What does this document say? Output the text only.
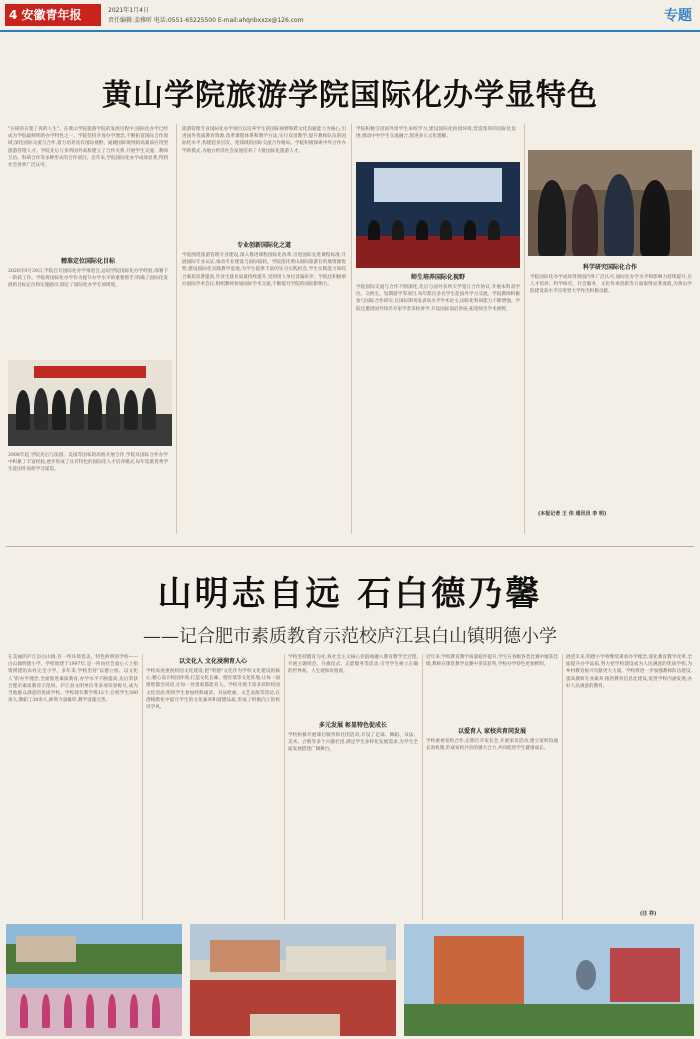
4 安徽青年报	2021年1月4日
责任编辑:姜雅昕 电话:0551-65225500 E-mail:ahqnbxxzx@126.com	专题
黄山学院旅游学院国际化办学显特色
"在研的在建了真的人生"。在黄山学院旅游学院的发展历程中,国际化办学已经成为学院最鲜明的办学特色之一。学院坚持开放办学理念,不断拓宽国际合作领域,深化国际交流与合作,着力培养具有国际视野、通晓国际规则的高素质应用型旅游管理人才。学院先后与多所国外高校建立了合作关系,开展学生交流、教师互访、科研合作等多种形式的合作项目。近年来,学院国际化办学成效显著,得到社会各界广泛认可。
精准定位国际化目标
2020年9月30日,学院召开国际化办学推进会,总结学院国际化办学经验,部署下一阶段工作。学院将国际化办学作为提升办学水平的重要抓手,明确了国际化发展的目标定位和实施路径,制定了国际化办学专项规划。
2008年起,学院先后与法国、美国等国家的高校开展合作,学院从国际合作办学中积累了丰富经验,逐步形成了具有特色的国际化人才培养模式,每年选派优秀学生赴国外高校学习深造。
旅游管理专业国际化办学项目以培养学生的国际视野和跨文化沟通能力为核心,引进国外优质教育资源,改革课程体系和教学方法,实行双语教学,提升教师队伍的国际化水平,构建起多层次、宽领域的国际交流合作格局。学院积极探索中外合作办学新模式,为地方经济社会发展培养了大批国际化旅游人才。
专业创新国际化之道
学院围绕旅游管理专业建设,深入推进课程国际化改革,引进国际先进课程标准,开展国际专业认证,推动专业建设与国际接轨。学院依托黄山国际旅游目的地资源优势,建设国际化实践教学基地,为学生提供丰富的实习实践机会,学生实践能力和综合素质显著提高,毕业生就业质量持续提升,受到用人单位普遍好评。学院还积极承办国际学术会议,组织教师参加国际学术交流,不断提升学院的国际影响力。
学院积极引进国外留学生来校学习,建设国际化校园环境,营造浓厚的国际化氛围,推动中外学生交流融合,促进多元文化理解。
师生培养国际化视野
学院国际交流与合作不断深化,先后与国外多所大学签订合作协议,开展本科双学位、交换生、短期游学等项目,每年派出多名学生赴国外学习交流。学院教师积极参与国际合作研究,在国际期刊发表高水平学术论文,国际化科研能力不断增强。学院还邀请国外知名专家学者来校讲学,开设国际前沿讲座,拓宽师生学术视野。
科学研究国际化合作
学院国际化办学成效得到国内外广泛认可,国际化办学水平和影响力持续提升,在人才培养、科学研究、社会服务、文化传承创新等方面取得显著成绩,为黄山学院建设高水平应用型大学作出积极贡献。
(本报记者 王 伟 通讯员 李 明)
山明志自远 石白德乃馨
——记合肥市素质教育示范校庐江县白山镇明德小学
在美丽的庐江县白山镇,有一所环境优美、特色鲜明的学校——白山镇明德小学。学校始建于1997年,是一所由社会爱心人士捐资援建的农村完全小学。多年来,学校坚持"以德立校、以文化人"的办学理念,全面推进素质教育,办学水平不断提高,先后荣获合肥市素质教育示范校、庐江县文明单位等多项荣誉称号,成为当地群众满意的优质学校。学校现有教学班12个,在校学生500余人,教职工30余人,师资力量雄厚,教学设施完善。
以文化人 文化浸润育人心
学校高度重视校园文化建设,把"明德"文化作为学校文化建设的核心,精心设计校园环境,打造文化长廊、德育墙等文化阵地,让每一面墙壁都会说话,让每一处景观都能育人。学校开展丰富多彩的校园文化活动,组织学生参加经典诵读、书法绘画、文艺表演等活动,在潜移默化中提升学生的文化素养和道德品质,形成了积极向上的校风学风。
学校坚持德育为先,将社会主义核心价值观融入教育教学全过程,开展主题班会、升旗仪式、志愿服务等活动,引导学生树立正确的世界观、人生观和价值观。
多元发展 彰显特色促成长
学校积极开展课后服务和社团活动,开设了足球、舞蹈、书法、美术、合唱等多个兴趣社团,满足学生多样化发展需求,为学生全面发展搭建广阔舞台。
近年来,学校教育教学质量稳步提升,学生在各级各类比赛中屡获佳绩,教师在课堂教学竞赛中多次获奖,学校办学特色更加鲜明。
以爱育人 家校共育同发展
学校重视家校合作,定期召开家长会,开展家访活动,建立家校沟通长效机制,形成家校共育的强大合力,共同促进学生健康成长。
展望未来,明德小学将继续秉承办学理念,深化教育教学改革,全面提升办学品质,努力把学校建设成为人民满意的优质学校,为乡村教育振兴贡献更大力量。学校将进一步加强教师队伍建设,提高教师专业素养,推进教育信息化建设,促进学校内涵发展,办好人民满意的教育。
(汪 祥)
